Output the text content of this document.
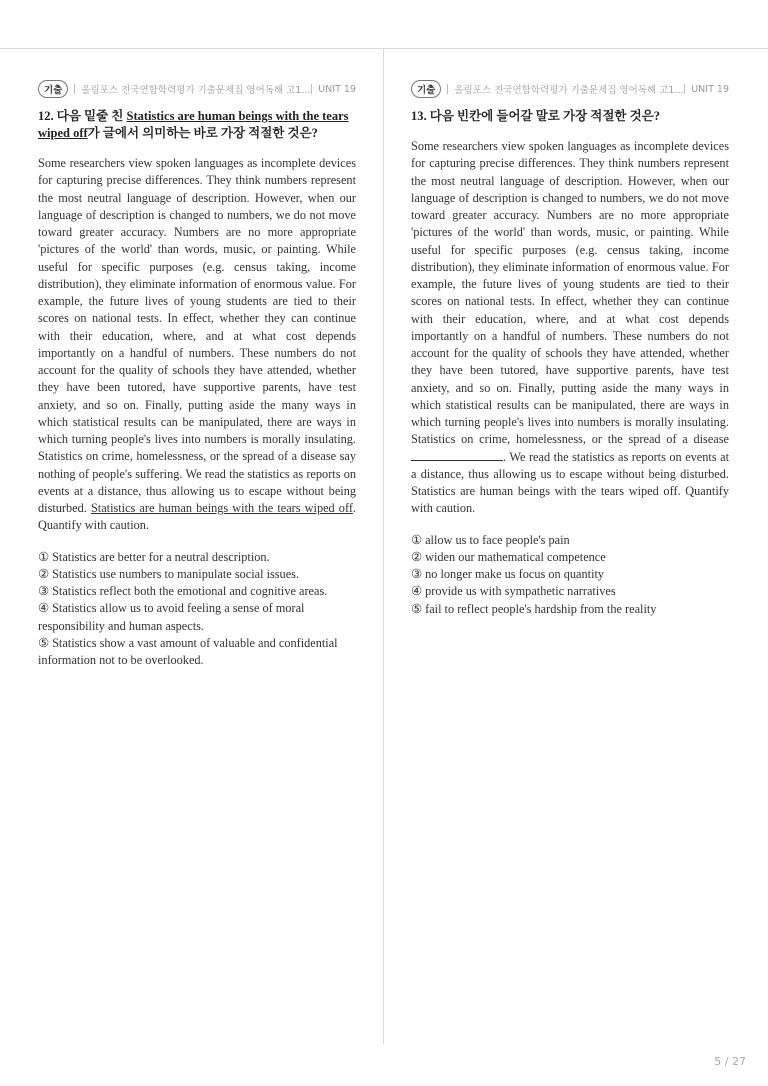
기출	올림포스 전국연합학력평가 기출문제집 영어독해 고1... UNIT 19
12. 다음 밑줄 친 Statistics are human beings with the tears wiped off가 글에서 의미하는 바로 가장 적절한 것은?
Some researchers view spoken languages as incomplete devices for capturing precise differences. They think numbers represent the most neutral language of description. However, when our language of description is changed to numbers, we do not move toward greater accuracy. Numbers are no more appropriate 'pictures of the world' than words, music, or painting. While useful for specific purposes (e.g. census taking, income distribution), they eliminate information of enormous value. For example, the future lives of young students are tied to their scores on national tests. In effect, whether they can continue with their education, where, and at what cost depends importantly on a handful of numbers. These numbers do not account for the quality of schools they have attended, whether they have been tutored, have supportive parents, have test anxiety, and so on. Finally, putting aside the many ways in which statistical results can be manipulated, there are ways in which turning people's lives into numbers is morally insulating. Statistics on crime, homelessness, or the spread of a disease say nothing of people's suffering. We read the statistics as reports on events at a distance, thus allowing us to escape without being disturbed. Statistics are human beings with the tears wiped off. Quantify with caution.
① Statistics are better for a neutral description.
② Statistics use numbers to manipulate social issues.
③ Statistics reflect both the emotional and cognitive areas.
④ Statistics allow us to avoid feeling a sense of moral responsibility and human aspects.
⑤ Statistics show a vast amount of valuable and confidential information not to be overlooked.
기출	올림포스 전국연합학력평가 기출문제집 영어독해 고1... UNIT 19
13. 다음 빈칸에 들어갈 말로 가장 적절한 것은?
Some researchers view spoken languages as incomplete devices for capturing precise differences. They think numbers represent the most neutral language of description. However, when our language of description is changed to numbers, we do not move toward greater accuracy. Numbers are no more appropriate 'pictures of the world' than words, music, or painting. While useful for specific purposes (e.g. census taking, income distribution), they eliminate information of enormous value. For example, the future lives of young students are tied to their scores on national tests. In effect, whether they can continue with their education, where, and at what cost depends importantly on a handful of numbers. These numbers do not account for the quality of schools they have attended, whether they have been tutored, have supportive parents, have test anxiety, and so on. Finally, putting aside the many ways in which statistical results can be manipulated, there are ways in which turning people's lives into numbers is morally insulating. Statistics on crime, homelessness, or the spread of a disease . We read the statistics as reports on events at a distance, thus allowing us to escape without being disturbed. Statistics are human beings with the tears wiped off. Quantify with caution.
① allow us to face people's pain
② widen our mathematical competence
③ no longer make us focus on quantity
④ provide us with sympathetic narratives
⑤ fail to reflect people's hardship from the reality
5 / 27
